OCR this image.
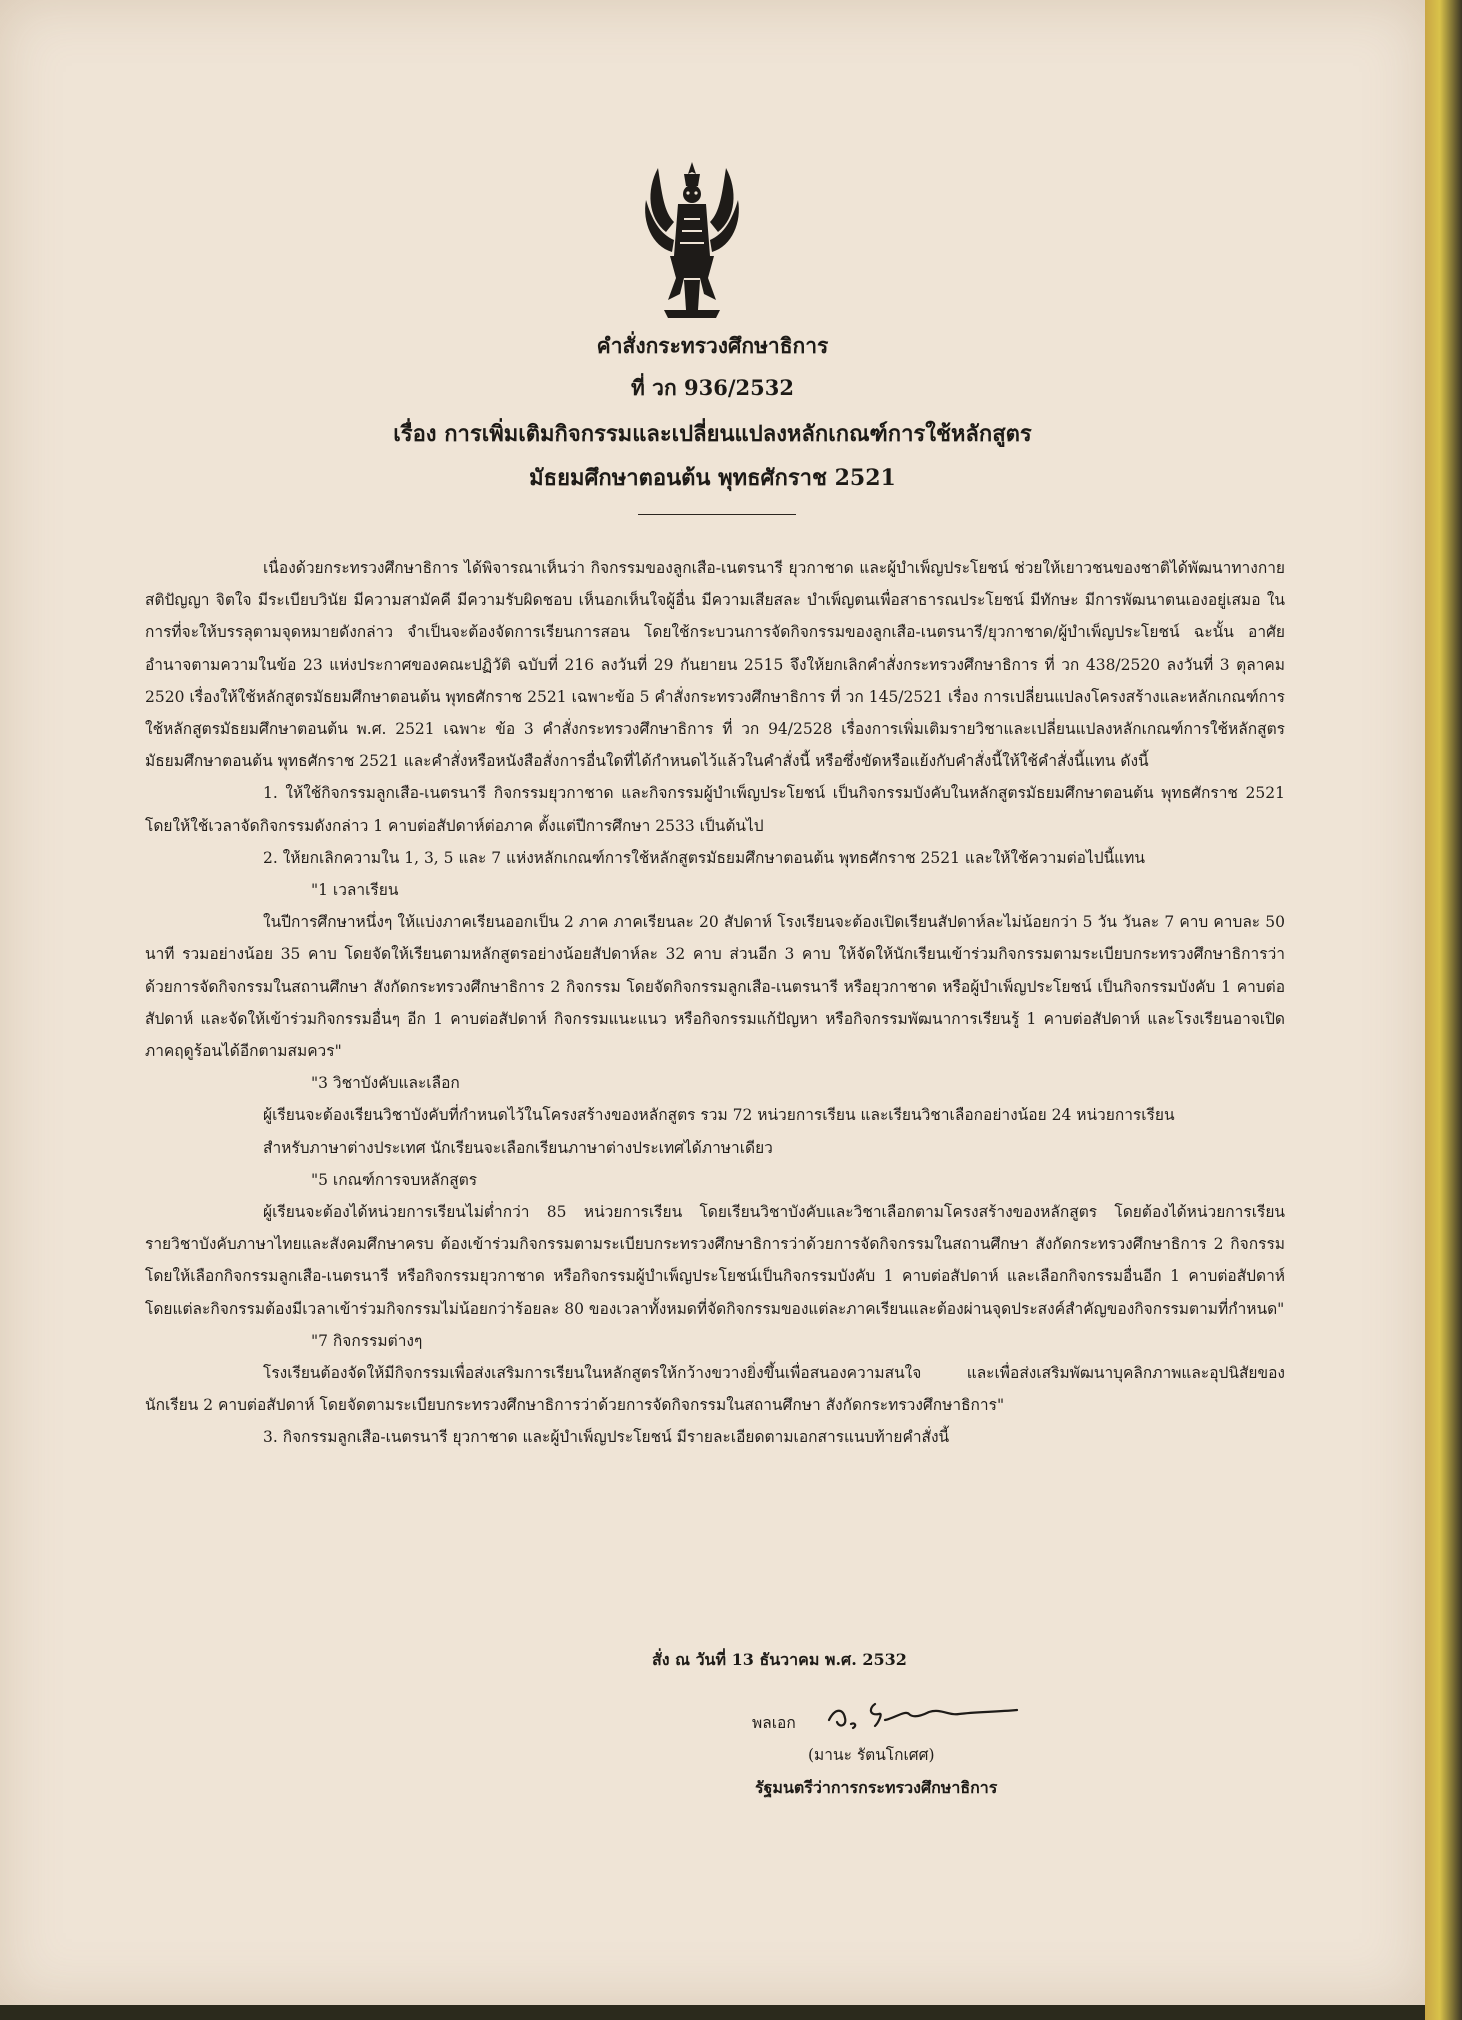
คำสั่งกระทรวงศึกษาธิการ
ที่ วก 936/2532
เรื่อง การเพิ่มเติมกิจกรรมและเปลี่ยนแปลงหลักเกณฑ์การใช้หลักสูตร
มัธยมศึกษาตอนต้น พุทธศักราช 2521

เนื่องด้วยกระทรวงศึกษาธิการ ได้พิจารณาเห็นว่า กิจกรรมของลูกเสือ-เนตรนารี ยุวกาชาด และผู้บำเพ็ญประโยชน์ ช่วยให้เยาวชนของชาติได้พัฒนาทางกาย สติปัญญา จิตใจ มีระเบียบวินัย มีความสามัคคี มีความรับผิดชอบ เห็นอกเห็นใจผู้อื่น มีความเสียสละ บำเพ็ญตนเพื่อสาธารณประโยชน์ มีทักษะ มีการพัฒนาตนเองอยู่เสมอ ในการที่จะให้บรรลุตามจุดหมายดังกล่าว จำเป็นจะต้องจัดการเรียนการสอน โดยใช้กระบวนการจัดกิจกรรมของลูกเสือ-เนตรนารี/ยุวกาชาด/ผู้บำเพ็ญประโยชน์ ฉะนั้น อาศัยอำนาจตามความในข้อ 23 แห่งประกาศของคณะปฏิวัติ ฉบับที่ 216 ลงวันที่ 29 กันยายน 2515 จึงให้ยกเลิกคำสั่งกระทรวงศึกษาธิการ ที่ วก 438/2520 ลงวันที่ 3 ตุลาคม 2520 เรื่องให้ใช้หลักสูตรมัธยมศึกษาตอนต้น พุทธศักราช 2521 เฉพาะข้อ 5 คำสั่งกระทรวงศึกษาธิการ ที่ วก 145/2521 เรื่อง การเปลี่ยนแปลงโครงสร้างและหลักเกณฑ์การใช้หลักสูตรมัธยมศึกษาตอนต้น พ.ศ. 2521 เฉพาะ ข้อ 3 คำสั่งกระทรวงศึกษาธิการ ที่ วก 94/2528 เรื่องการเพิ่มเติมรายวิชาและเปลี่ยนแปลงหลักเกณฑ์การใช้หลักสูตรมัธยมศึกษาตอนต้น พุทธศักราช 2521 และคำสั่งหรือหนังสือสั่งการอื่นใดที่ได้กำหนดไว้แล้วในคำสั่งนี้ หรือซึ่งขัดหรือแย้งกับคำสั่งนี้ให้ใช้คำสั่งนี้แทน ดังนี้

1. ให้ใช้กิจกรรมลูกเสือ-เนตรนารี กิจกรรมยุวกาชาด และกิจกรรมผู้บำเพ็ญประโยชน์ เป็นกิจกรรมบังคับในหลักสูตรมัธยมศึกษาตอนต้น พุทธศักราช 2521 โดยให้ใช้เวลาจัดกิจกรรมดังกล่าว 1 คาบต่อสัปดาห์ต่อภาค ตั้งแต่ปีการศึกษา 2533 เป็นต้นไป

2. ให้ยกเลิกความใน 1, 3, 5 และ 7 แห่งหลักเกณฑ์การใช้หลักสูตรมัธยมศึกษาตอนต้น พุทธศักราช 2521 และให้ใช้ความต่อไปนี้แทน

"1 เวลาเรียน

ในปีการศึกษาหนึ่งๆ ให้แบ่งภาคเรียนออกเป็น 2 ภาค ภาคเรียนละ 20 สัปดาห์ โรงเรียนจะต้องเปิดเรียนสัปดาห์ละไม่น้อยกว่า 5 วัน วันละ 7 คาบ คาบละ 50 นาที รวมอย่างน้อย 35 คาบ โดยจัดให้เรียนตามหลักสูตรอย่างน้อยสัปดาห์ละ 32 คาบ ส่วนอีก 3 คาบ ให้จัดให้นักเรียนเข้าร่วมกิจกรรมตามระเบียบกระทรวงศึกษาธิการว่าด้วยการจัดกิจกรรมในสถานศึกษา สังกัดกระทรวงศึกษาธิการ 2 กิจกรรม โดยจัดกิจกรรมลูกเสือ-เนตรนารี หรือยุวกาชาด หรือผู้บำเพ็ญประโยชน์ เป็นกิจกรรมบังคับ 1 คาบต่อสัปดาห์ และจัดให้เข้าร่วมกิจกรรมอื่นๆ อีก 1 คาบต่อสัปดาห์ กิจกรรมแนะแนว หรือกิจกรรมแก้ปัญหา หรือกิจกรรมพัฒนาการเรียนรู้ 1 คาบต่อสัปดาห์ และโรงเรียนอาจเปิดภาคฤดูร้อนได้อีกตามสมควร"

"3 วิชาบังคับและเลือก

ผู้เรียนจะต้องเรียนวิชาบังคับที่กำหนดไว้ในโครงสร้างของหลักสูตร รวม 72 หน่วยการเรียน และเรียนวิชาเลือกอย่างน้อย 24 หน่วยการเรียน

สำหรับภาษาต่างประเทศ นักเรียนจะเลือกเรียนภาษาต่างประเทศได้ภาษาเดียว

"5 เกณฑ์การจบหลักสูตร

ผู้เรียนจะต้องได้หน่วยการเรียนไม่ต่ำกว่า 85 หน่วยการเรียน โดยเรียนวิชาบังคับและวิชาเลือกตามโครงสร้างของหลักสูตร โดยต้องได้หน่วยการเรียนรายวิชาบังคับภาษาไทยและสังคมศึกษาครบ ต้องเข้าร่วมกิจกรรมตามระเบียบกระทรวงศึกษาธิการว่าด้วยการจัดกิจกรรมในสถานศึกษา สังกัดกระทรวงศึกษาธิการ 2 กิจกรรม โดยให้เลือกกิจกรรมลูกเสือ-เนตรนารี หรือกิจกรรมยุวกาชาด หรือกิจกรรมผู้บำเพ็ญประโยชน์เป็นกิจกรรมบังคับ 1 คาบต่อสัปดาห์ และเลือกกิจกรรมอื่นอีก 1 คาบต่อสัปดาห์ โดยแต่ละกิจกรรมต้องมีเวลาเข้าร่วมกิจกรรมไม่น้อยกว่าร้อยละ 80 ของเวลาทั้งหมดที่จัดกิจกรรมของแต่ละภาคเรียนและต้องผ่านจุดประสงค์สำคัญของกิจกรรมตามที่กำหนด"

"7 กิจกรรมต่างๆ

โรงเรียนต้องจัดให้มีกิจกรรมเพื่อส่งเสริมการเรียนในหลักสูตรให้กว้างขวางยิ่งขึ้นเพื่อสนองความสนใจ และเพื่อส่งเสริมพัฒนาบุคลิกภาพและอุปนิสัยของนักเรียน 2 คาบต่อสัปดาห์ โดยจัดตามระเบียบกระทรวงศึกษาธิการว่าด้วยการจัดกิจกรรมในสถานศึกษา สังกัดกระทรวงศึกษาธิการ"

3. กิจกรรมลูกเสือ-เนตรนารี ยุวกาชาด และผู้บำเพ็ญประโยชน์ มีรายละเอียดตามเอกสารแนบท้ายคำสั่งนี้

สั่ง ณ วันที่ 13 ธันวาคม พ.ศ. 2532
พลเอก
(มานะ รัตนโกเศศ)
รัฐมนตรีว่าการกระทรวงศึกษาธิการ
